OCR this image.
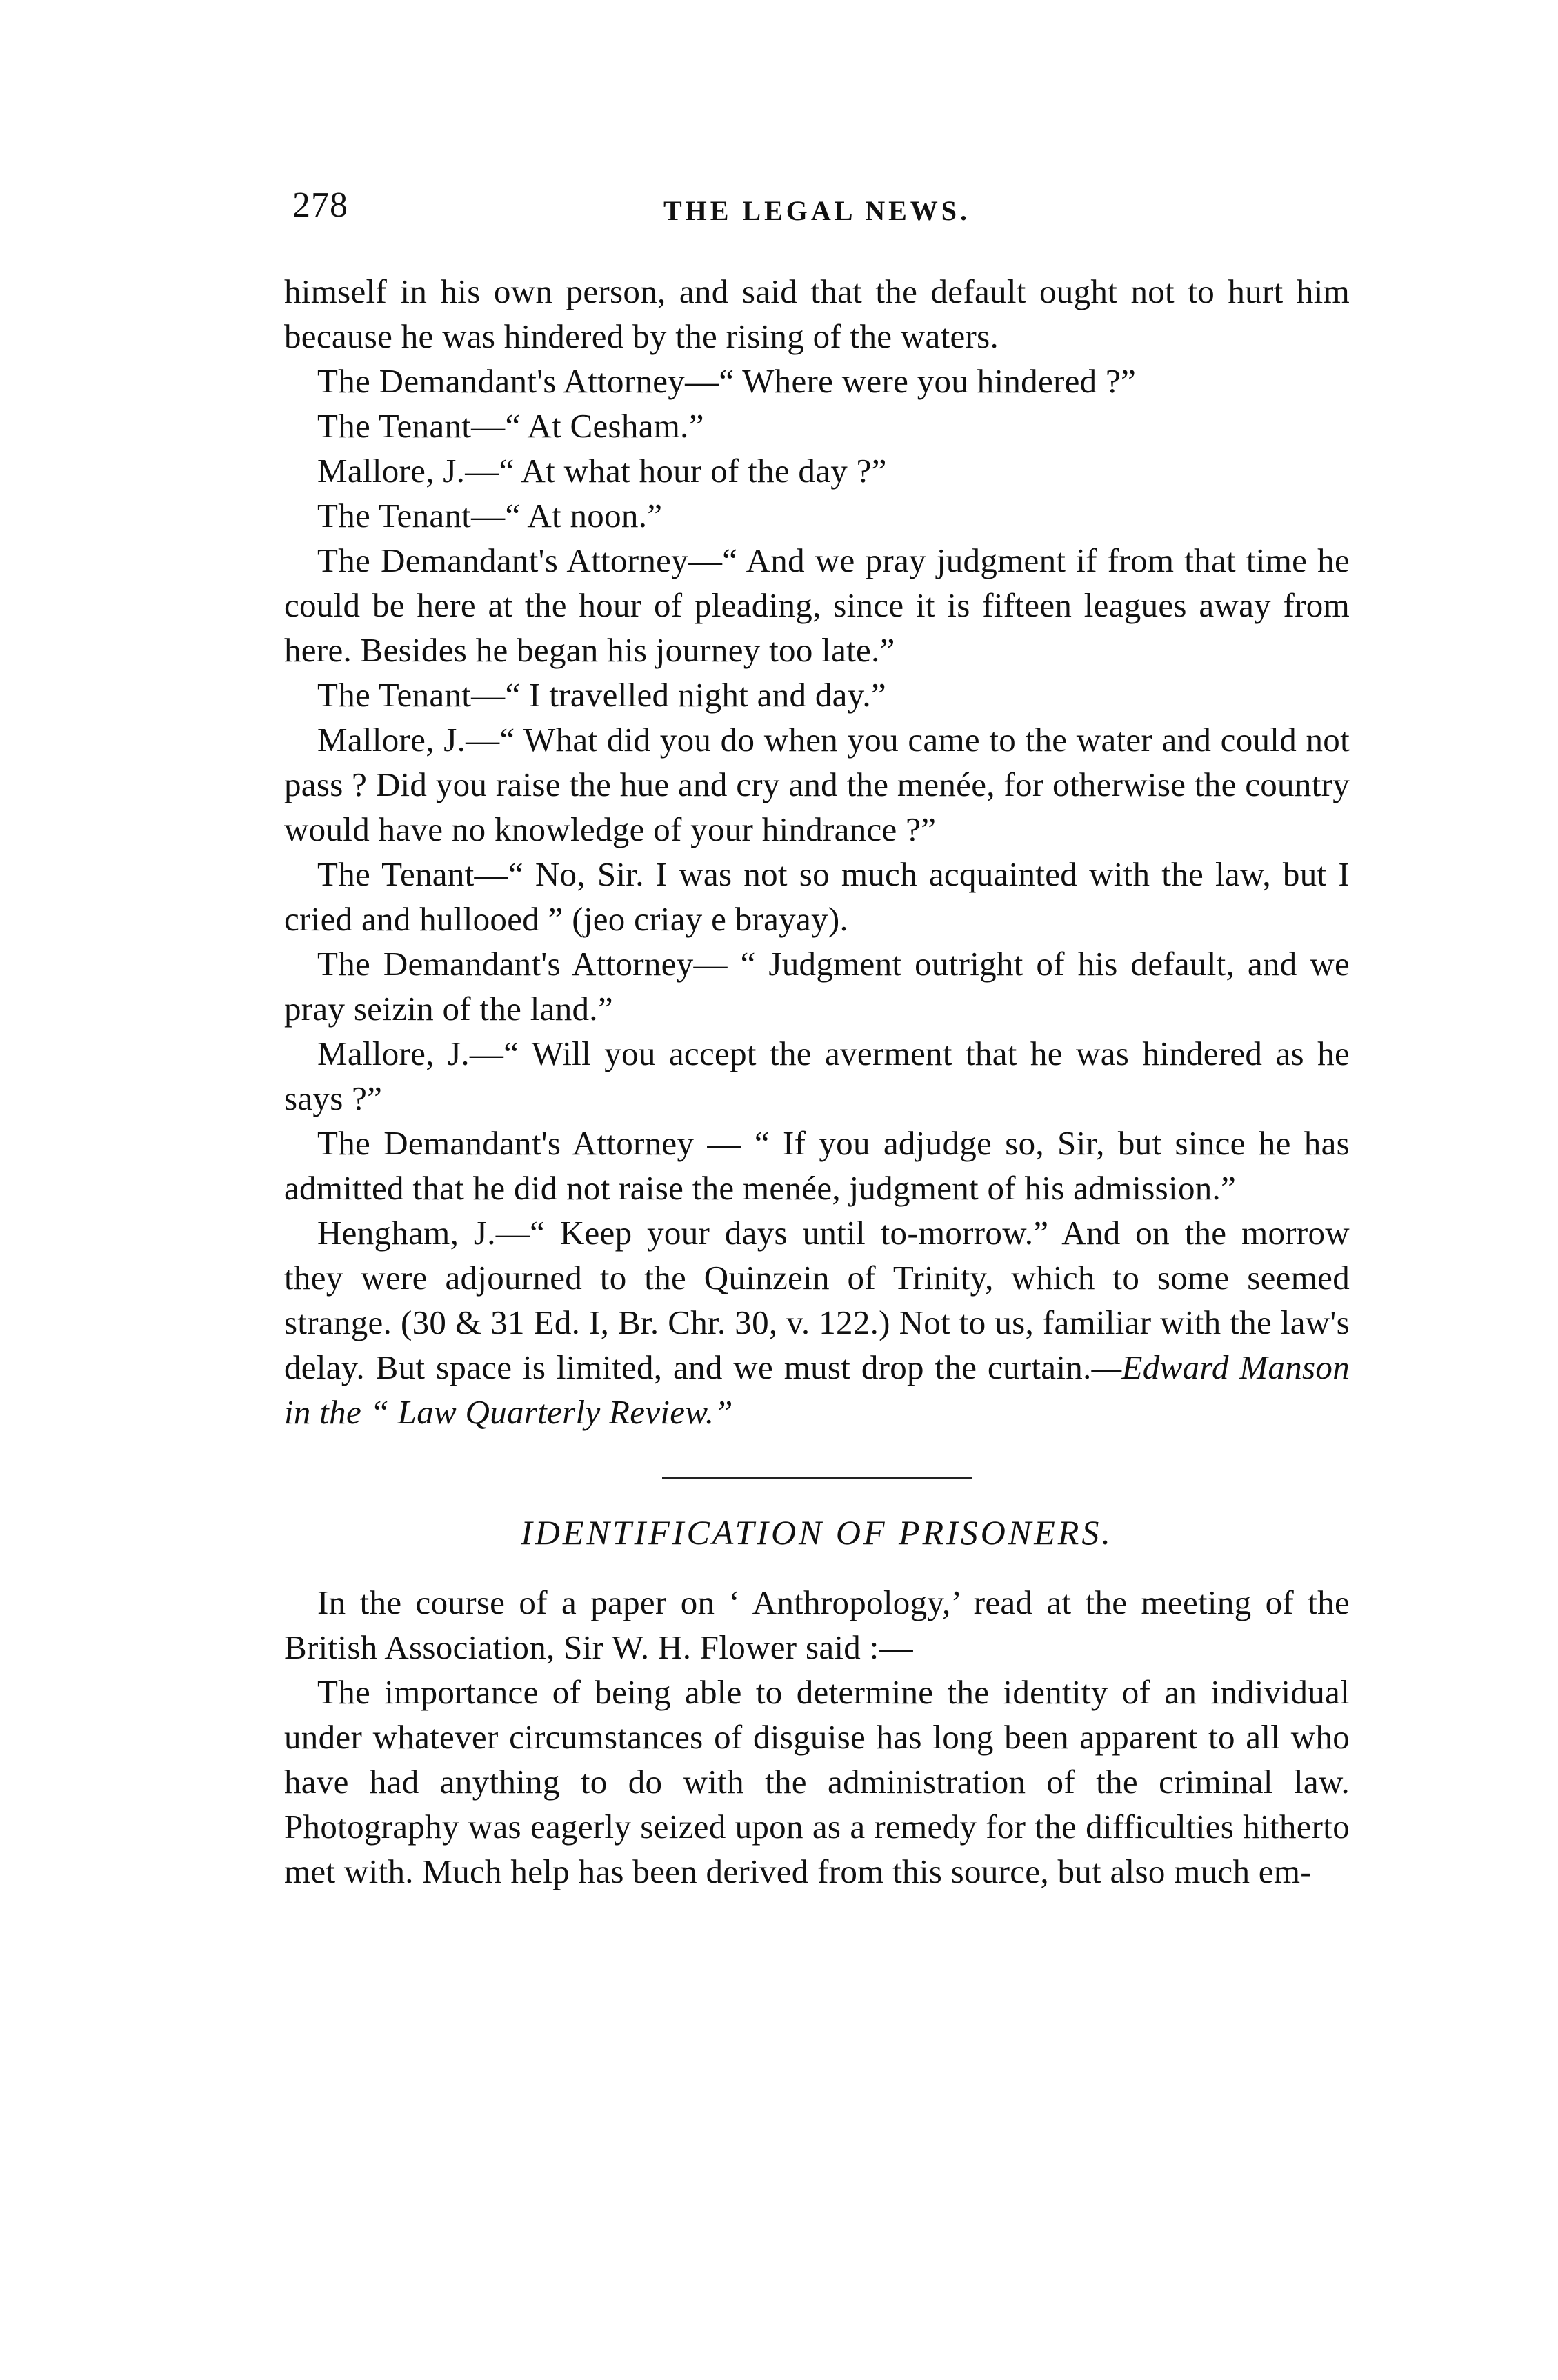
278	THE LEGAL NEWS.

himself in his own person, and said that the default ought not to hurt him because he was hindered by the rising of the waters.

The Demandant's Attorney—“ Where were you hindered ?”

The Tenant—“ At Cesham.”

Mallore, J.—“ At what hour of the day ?”

The Tenant—“ At noon.”

The Demandant's Attorney—“ And we pray judgment if from that time he could be here at the hour of pleading, since it is fifteen leagues away from here. Besides he began his journey too late.”

The Tenant—“ I travelled night and day.”

Mallore, J.—“ What did you do when you came to the water and could not pass ? Did you raise the hue and cry and the menée, for otherwise the country would have no knowledge of your hindrance ?”

The Tenant—“ No, Sir. I was not so much acquainted with the law, but I cried and hullooed ” (jeo criay e brayay).

The Demandant's Attorney— “ Judgment outright of his default, and we pray seizin of the land.”

Mallore, J.—“ Will you accept the averment that he was hindered as he says ?”

The Demandant's Attorney — “ If you adjudge so, Sir, but since he has admitted that he did not raise the menée, judgment of his admission.”

Hengham, J.—“ Keep your days until to-morrow.” And on the morrow they were adjourned to the Quinzein of Trinity, which to some seemed strange. (30 & 31 Ed. I, Br. Chr. 30, v. 122.) Not to us, familiar with the law's delay. But space is limited, and we must drop the curtain.—Edward Manson in the “ Law Quarterly Review.”

IDENTIFICATION OF PRISONERS.

In the course of a paper on ‘ Anthropology,’ read at the meeting of the British Association, Sir W. H. Flower said :—

The importance of being able to determine the identity of an individual under whatever circumstances of disguise has long been apparent to all who have had anything to do with the administration of the criminal law. Photography was eagerly seized upon as a remedy for the difficulties hitherto met with. Much help has been derived from this source, but also much em-
